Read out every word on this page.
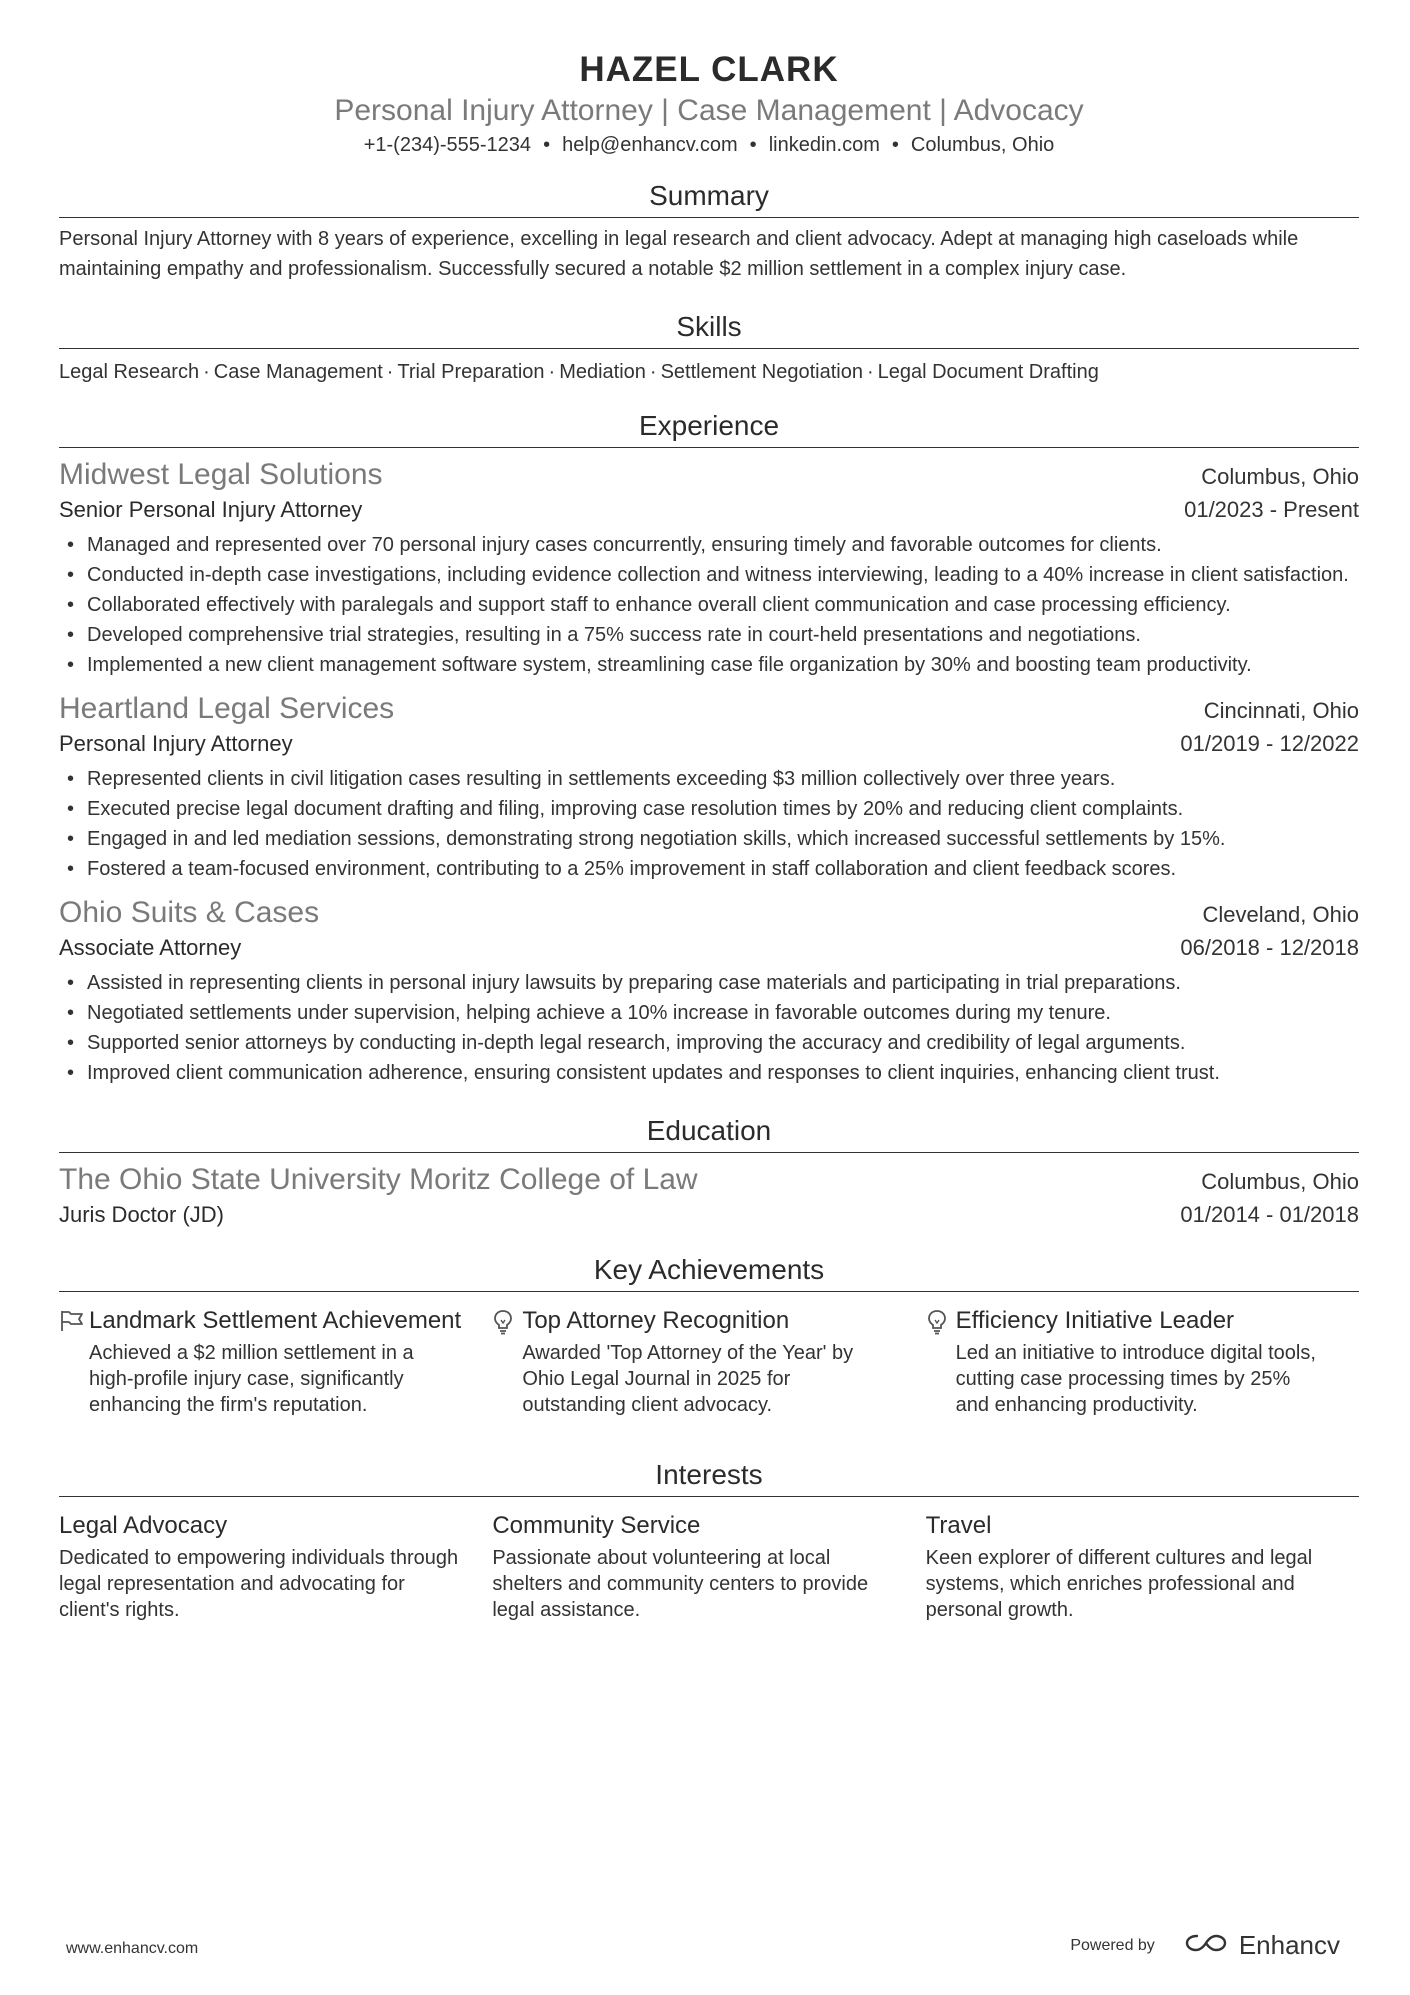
HAZEL CLARK
Personal Injury Attorney | Case Management | Advocacy
+1-(234)-555-1234 • help@enhancv.com • linkedin.com • Columbus, Ohio
Summary
Personal Injury Attorney with 8 years of experience, excelling in legal research and client advocacy. Adept at managing high caseloads while maintaining empathy and professionalism. Successfully secured a notable $2 million settlement in a complex injury case.
Skills
Legal Research · Case Management · Trial Preparation · Mediation · Settlement Negotiation · Legal Document Drafting
Experience
Midwest Legal Solutions	Columbus, Ohio
Senior Personal Injury Attorney	01/2023 - Present
• Managed and represented over 70 personal injury cases concurrently, ensuring timely and favorable outcomes for clients.
• Conducted in-depth case investigations, including evidence collection and witness interviewing, leading to a 40% increase in client satisfaction.
• Collaborated effectively with paralegals and support staff to enhance overall client communication and case processing efficiency.
• Developed comprehensive trial strategies, resulting in a 75% success rate in court-held presentations and negotiations.
• Implemented a new client management software system, streamlining case file organization by 30% and boosting team productivity.
Heartland Legal Services	Cincinnati, Ohio
Personal Injury Attorney	01/2019 - 12/2022
• Represented clients in civil litigation cases resulting in settlements exceeding $3 million collectively over three years.
• Executed precise legal document drafting and filing, improving case resolution times by 20% and reducing client complaints.
• Engaged in and led mediation sessions, demonstrating strong negotiation skills, which increased successful settlements by 15%.
• Fostered a team-focused environment, contributing to a 25% improvement in staff collaboration and client feedback scores.
Ohio Suits & Cases	Cleveland, Ohio
Associate Attorney	06/2018 - 12/2018
• Assisted in representing clients in personal injury lawsuits by preparing case materials and participating in trial preparations.
• Negotiated settlements under supervision, helping achieve a 10% increase in favorable outcomes during my tenure.
• Supported senior attorneys by conducting in-depth legal research, improving the accuracy and credibility of legal arguments.
• Improved client communication adherence, ensuring consistent updates and responses to client inquiries, enhancing client trust.
Education
The Ohio State University Moritz College of Law	Columbus, Ohio
Juris Doctor (JD)	01/2014 - 01/2018
Key Achievements
Landmark Settlement Achievement
Achieved a $2 million settlement in a high-profile injury case, significantly enhancing the firm's reputation.
Top Attorney Recognition
Awarded 'Top Attorney of the Year' by Ohio Legal Journal in 2025 for outstanding client advocacy.
Efficiency Initiative Leader
Led an initiative to introduce digital tools, cutting case processing times by 25% and enhancing productivity.
Interests
Legal Advocacy
Dedicated to empowering individuals through legal representation and advocating for client's rights.
Community Service
Passionate about volunteering at local shelters and community centers to provide legal assistance.
Travel
Keen explorer of different cultures and legal systems, which enriches professional and personal growth.
www.enhancv.com	Powered by	Enhancv
